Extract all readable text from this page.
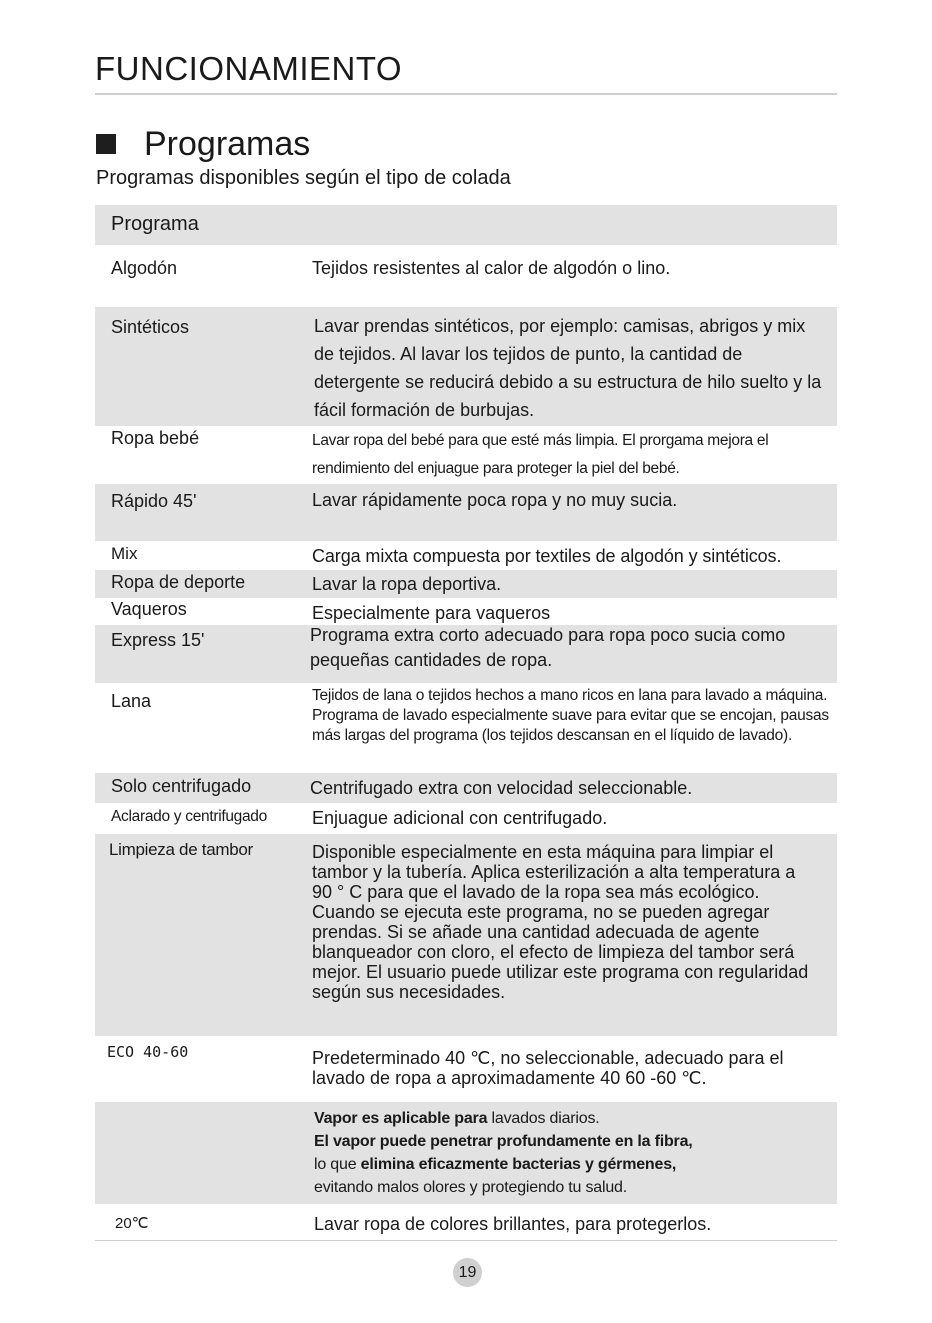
FUNCIONAMIENTO
Programas
Programas disponibles según el tipo de colada
Programa
Algodón	Tejidos resistentes al calor de algodón o lino.
Sintéticos	Lavar prendas sintéticos, por ejemplo: camisas, abrigos y mix de tejidos. Al lavar los tejidos de punto, la cantidad de detergente se reducirá debido a su estructura de hilo suelto y la fácil formación de burbujas.
Ropa bebé	Lavar ropa del bebé para que esté más limpia. El prorgama mejora el rendimiento del enjuague para proteger la piel del bebé.
Rápido 45'	Lavar rápidamente poca ropa y no muy sucia.
Mix	Carga mixta compuesta por textiles de algodón y sintéticos.
Ropa de deporte	Lavar la ropa deportiva.
Vaqueros	Especialmente para vaqueros
Express 15'	Programa extra corto adecuado para ropa poco sucia como pequeñas cantidades de ropa.
Lana	Tejidos de lana o tejidos hechos a mano ricos en lana para lavado a máquina. Programa de lavado especialmente suave para evitar que se encojan, pausas más largas del programa (los tejidos descansan en el líquido de lavado).
Solo centrifugado	Centrifugado extra con velocidad seleccionable.
Aclarado y centrifugado	Enjuague adicional con centrifugado.
Limpieza de tambor	Disponible especialmente en esta máquina para limpiar el tambor y la tubería. Aplica esterilización a alta temperatura a 90 ° C para que el lavado de la ropa sea más ecológico. Cuando se ejecuta este programa, no se pueden agregar prendas. Si se añade una cantidad adecuada de agente blanqueador con cloro, el efecto de limpieza del tambor será mejor. El usuario puede utilizar este programa con regularidad según sus necesidades.
ECO 40-60	Predeterminado 40 ℃, no seleccionable, adecuado para el lavado de ropa a aproximadamente 40 60 -60 ℃.
Vapor es aplicable para lavados diarios.
El vapor puede penetrar profundamente en la fibra,
lo que elimina eficazmente bacterias y gérmenes,
evitando malos olores y protegiendo tu salud.
20℃	Lavar ropa de colores brillantes, para protegerlos.
19
